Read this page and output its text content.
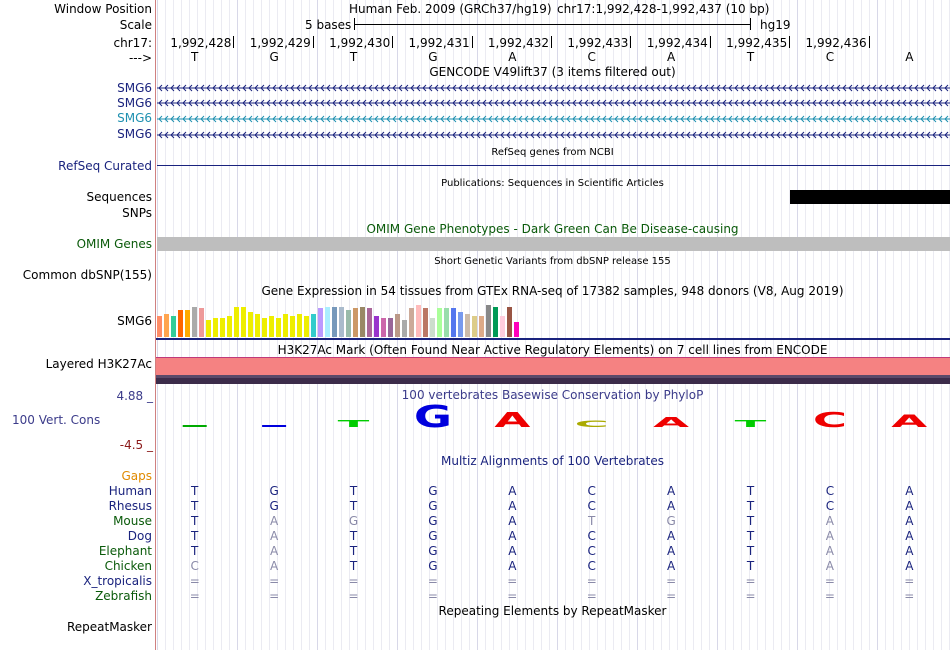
Window Position	Human Feb. 2009 (GRCh37/hg19) chr17:1,992,428-1,992,437 (10 bp)
Scale	5 bases	hg19
chr17: 1,992,428 1,992,429 1,992,430 1,992,431 1,992,432 1,992,433 1,992,434 1,992,435 1,992,436
--->	T	G	T	G	A	C	A	T	C	A
GENCODE V49lift37 (3 items filtered out)
SMG6
SMG6
SMG6
SMG6
RefSeq genes from NCBI
RefSeq Curated
Publications: Sequences in Scientific Articles
Sequences
SNPs
OMIM Gene Phenotypes - Dark Green Can Be Disease-causing
OMIM Genes
Short Genetic Variants from dbSNP release 155
Common dbSNP(155)
Gene Expression in 54 tissues from GTEx RNA-seq of 17382 samples, 948 donors (V8, Aug 2019)
SMG6
H3K27Ac Mark (Often Found Near Active Regulatory Elements) on 7 cell lines from ENCODE
Layered H3K27Ac
100 vertebrates Basewise Conservation by PhyloP
4.88 _
100 Vert. Cons
-4.5 _
T G A C A T C A
Gaps
Multiz Alignments of 100 Vertebrates
Human	T	G	T	G	A	C	A	T	C	A
Rhesus	T	G	T	G	A	C	A	T	C	A
Mouse	T	A	G	G	A	T	G	T	A	A
Dog	T	A	T	G	A	C	A	T	A	A
Elephant	T	A	T	G	A	C	A	T	A	A
Chicken	C	A	T	G	A	C	A	T	A	A
X_tropicalis	=	=	=	=	=	=	=	=	=	=
Zebrafish	=	=	=	=	=	=	=	=	=	=
Repeating Elements by RepeatMasker
RepeatMasker
